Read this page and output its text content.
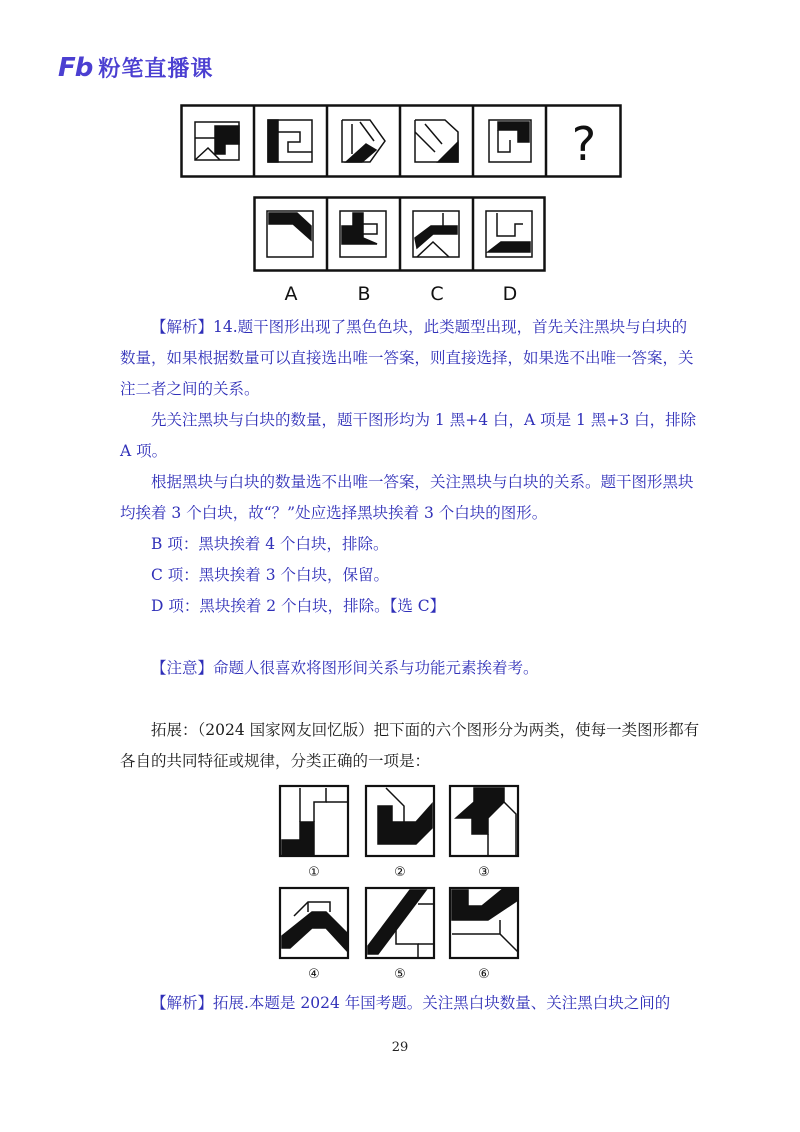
Fb 粉笔直播课
?
A	B	C	D
【解析】14.题干图形出现了黑色色块，此类题型出现，首先关注黑块与白块的数量，如果根据数量可以直接选出唯一答案，则直接选择，如果选不出唯一答案，关注二者之间的关系。
先关注黑块与白块的数量，题干图形均为 1 黑+4 白，A 项是 1 黑+3 白，排除 A 项。
根据黑块与白块的数量选不出唯一答案，关注黑块与白块的关系。题干图形黑块均挨着 3 个白块，故“？”处应选择黑块挨着 3 个白块的图形。
B 项：黑块挨着 4 个白块，排除。
C 项：黑块挨着 3 个白块，保留。
D 项：黑块挨着 2 个白块，排除。【选 C】
【注意】命题人很喜欢将图形间关系与功能元素挨着考。
拓展：（2024 国家网友回忆版）把下面的六个图形分为两类，使每一类图形都有各自的共同特征或规律，分类正确的一项是：
①	②	③
④	⑤	⑥
【解析】拓展.本题是 2024 年国考题。关注黑白块数量、关注黑白块之间的
29
